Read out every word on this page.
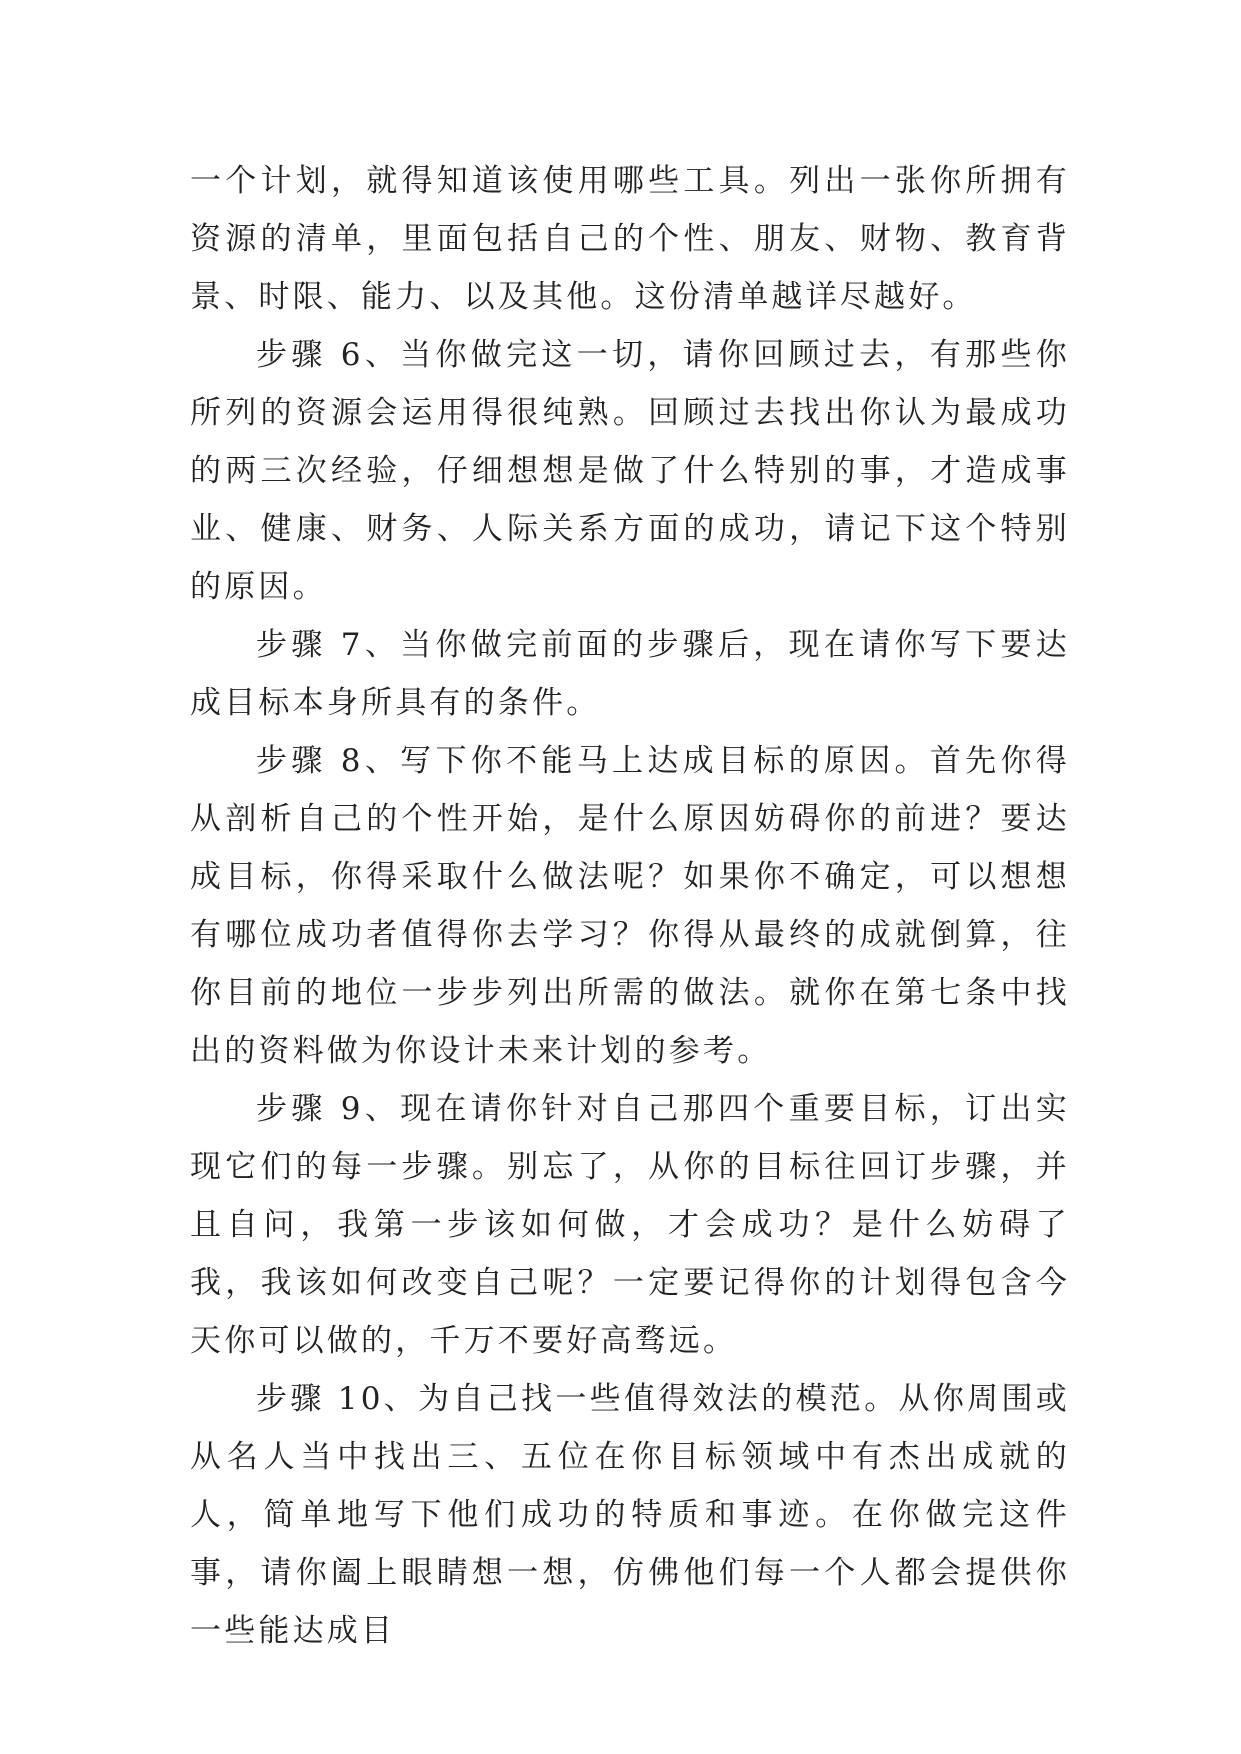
一个计划，就得知道该使用哪些工具。列出一张你所拥有资源的清单，里面包括自己的个性、朋友、财物、教育背景、时限、能力、以及其他。这份清单越详尽越好。

步骤 6、当你做完这一切，请你回顾过去，有那些你所列的资源会运用得很纯熟。回顾过去找出你认为最成功的两三次经验，仔细想想是做了什么特别的事，才造成事业、健康、财务、人际关系方面的成功，请记下这个特别的原因。

步骤 7、当你做完前面的步骤后，现在请你写下要达成目标本身所具有的条件。

步骤 8、写下你不能马上达成目标的原因。首先你得从剖析自己的个性开始，是什么原因妨碍你的前进？要达成目标，你得采取什么做法呢？如果你不确定，可以想想有哪位成功者值得你去学习？你得从最终的成就倒算，往你目前的地位一步步列出所需的做法。就你在第七条中找出的资料做为你设计未来计划的参考。

步骤 9、现在请你针对自己那四个重要目标，订出实现它们的每一步骤。别忘了，从你的目标往回订步骤，并且自问，我第一步该如何做，才会成功？是什么妨碍了我，我该如何改变自己呢？一定要记得你的计划得包含今天你可以做的，千万不要好高骛远。

步骤 10、为自己找一些值得效法的模范。从你周围或从名人当中找出三、五位在你目标领域中有杰出成就的人，简单地写下他们成功的特质和事迹。在你做完这件事，请你阖上眼睛想一想，仿佛他们每一个人都会提供你一些能达成目
